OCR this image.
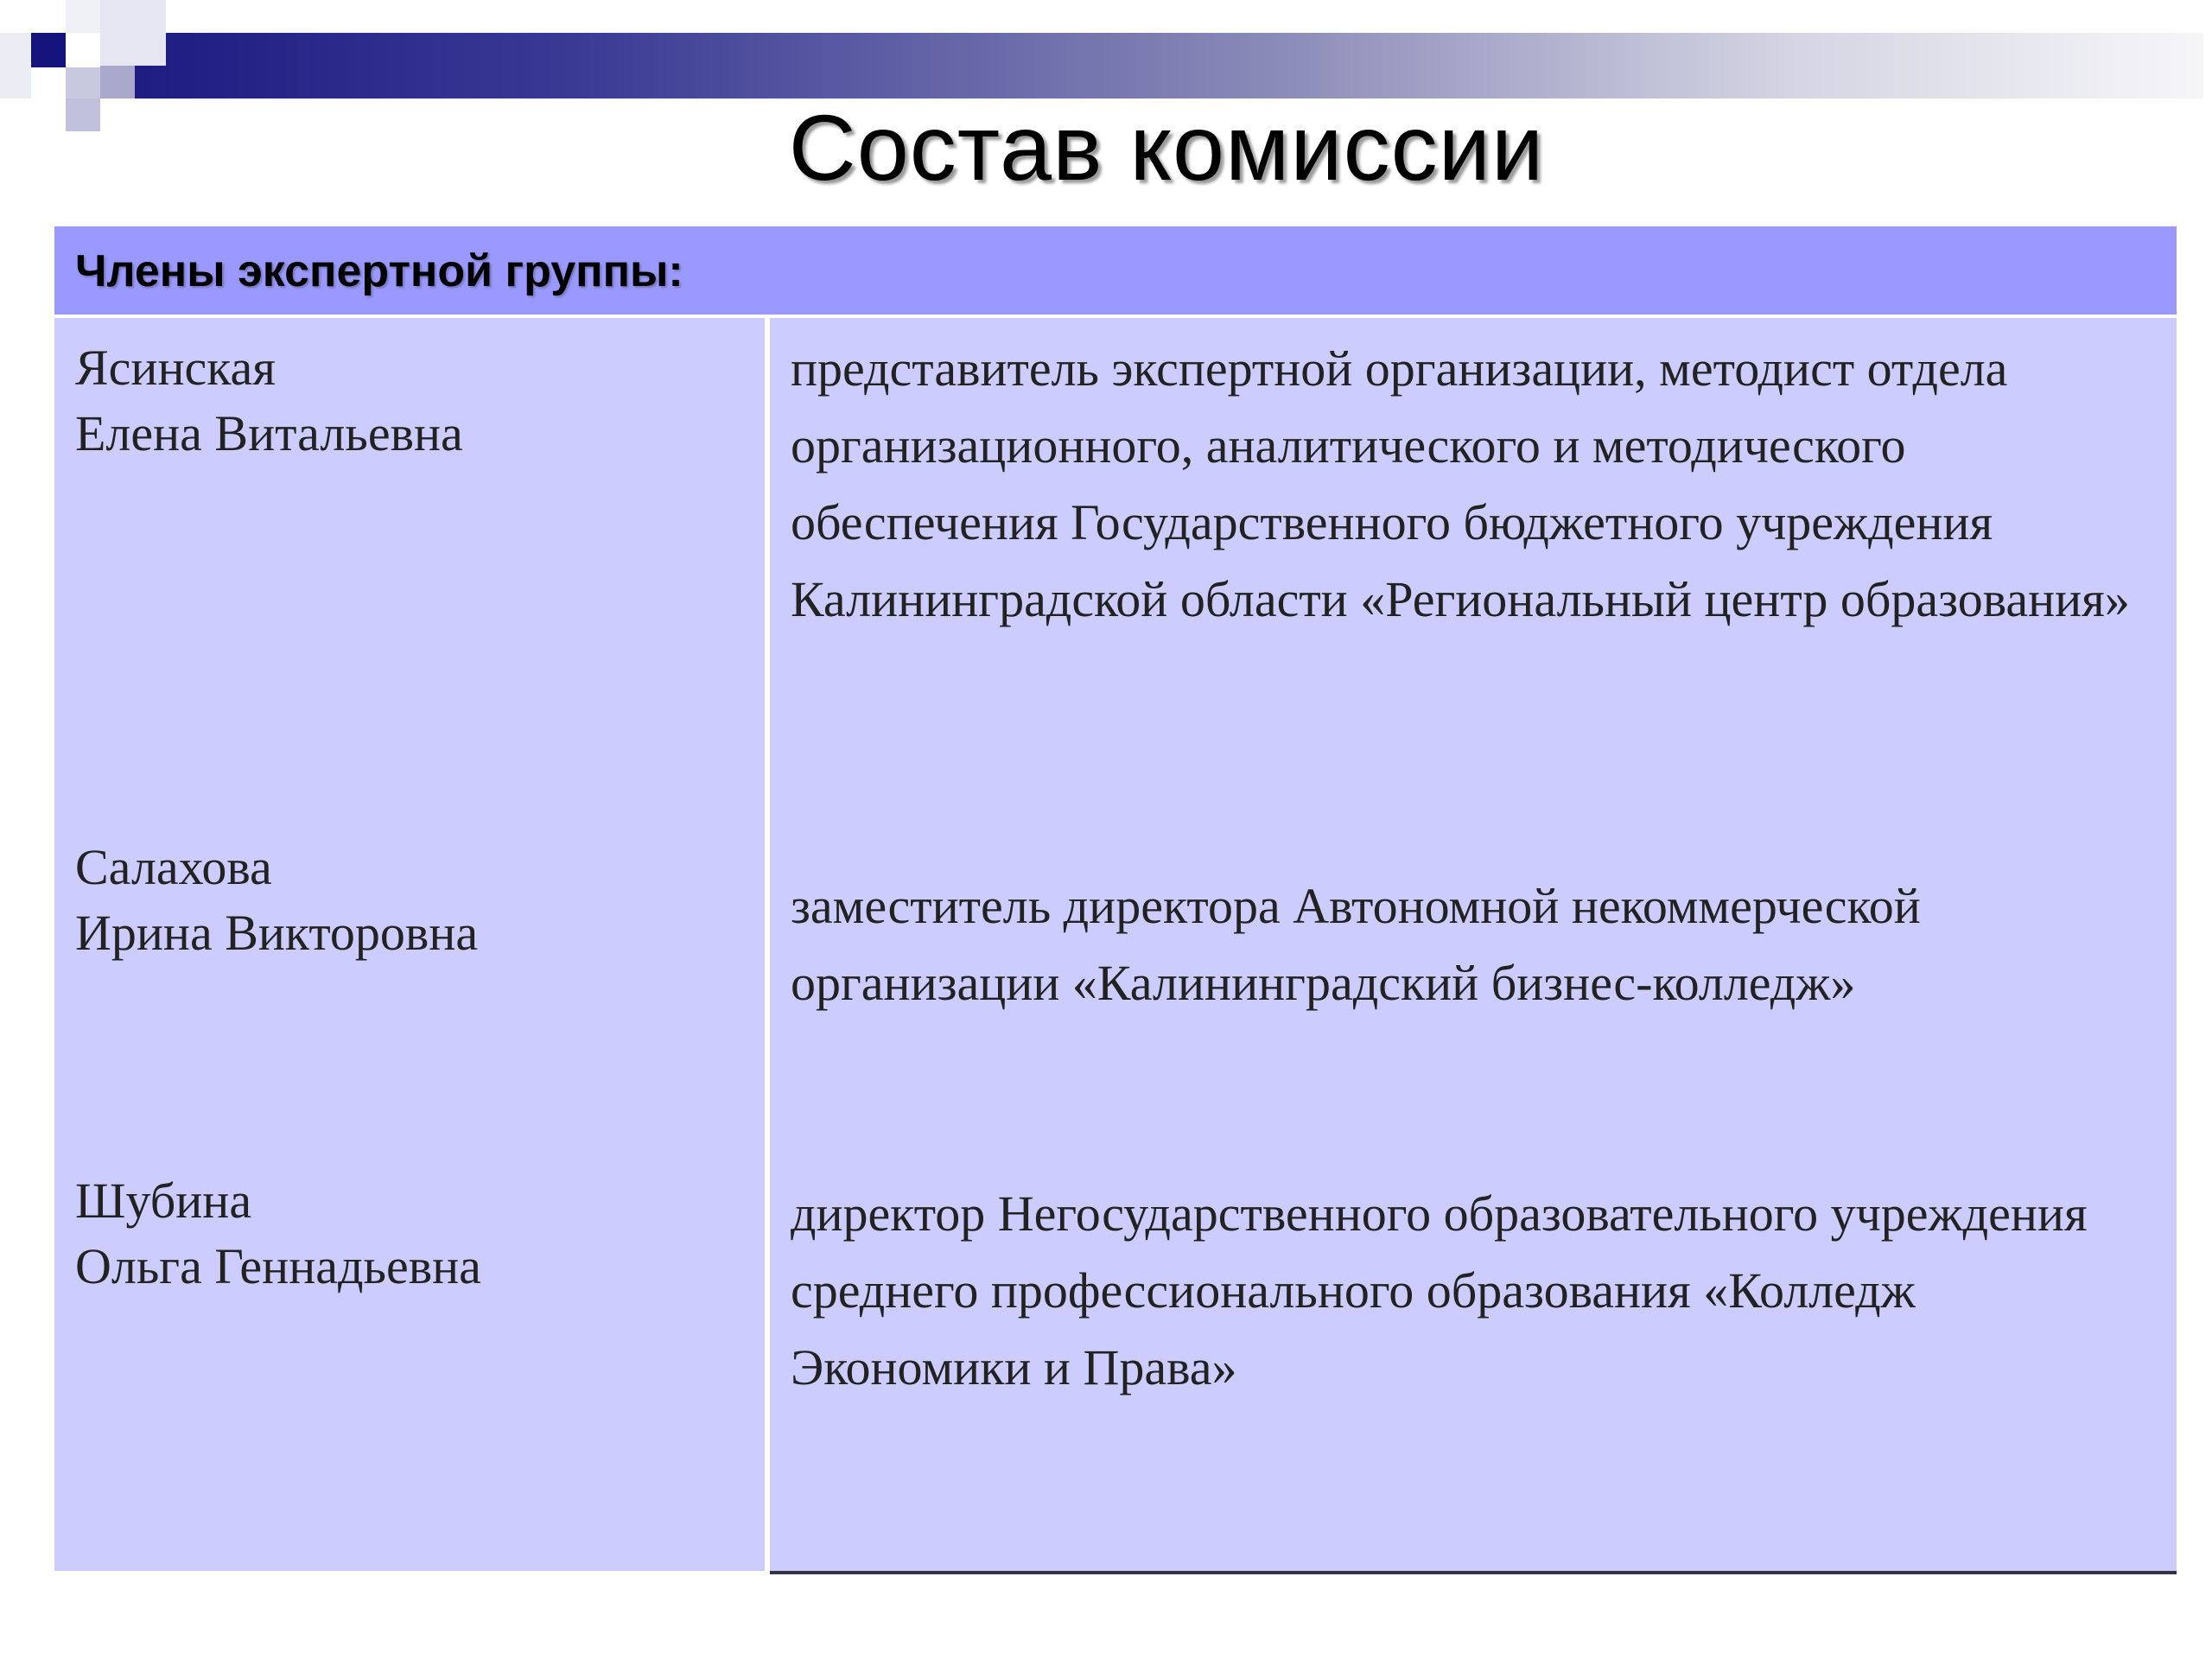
Состав комиссии
Члены экспертной группы:
Ясинская
Елена Витальевна
Салахова
Ирина Викторовна
Шубина
Ольга Геннадьевна
представитель экспертной организации, методист отдела организационного, аналитического и методического обеспечения Государственного бюджетного учреждения Калининградской области «Региональный центр образования»
заместитель директора Автономной некоммерческой организации «Калининградский бизнес-колледж»
директор Негосударственного образовательного учреждения среднего профессионального образования «Колледж Экономики и Права»
